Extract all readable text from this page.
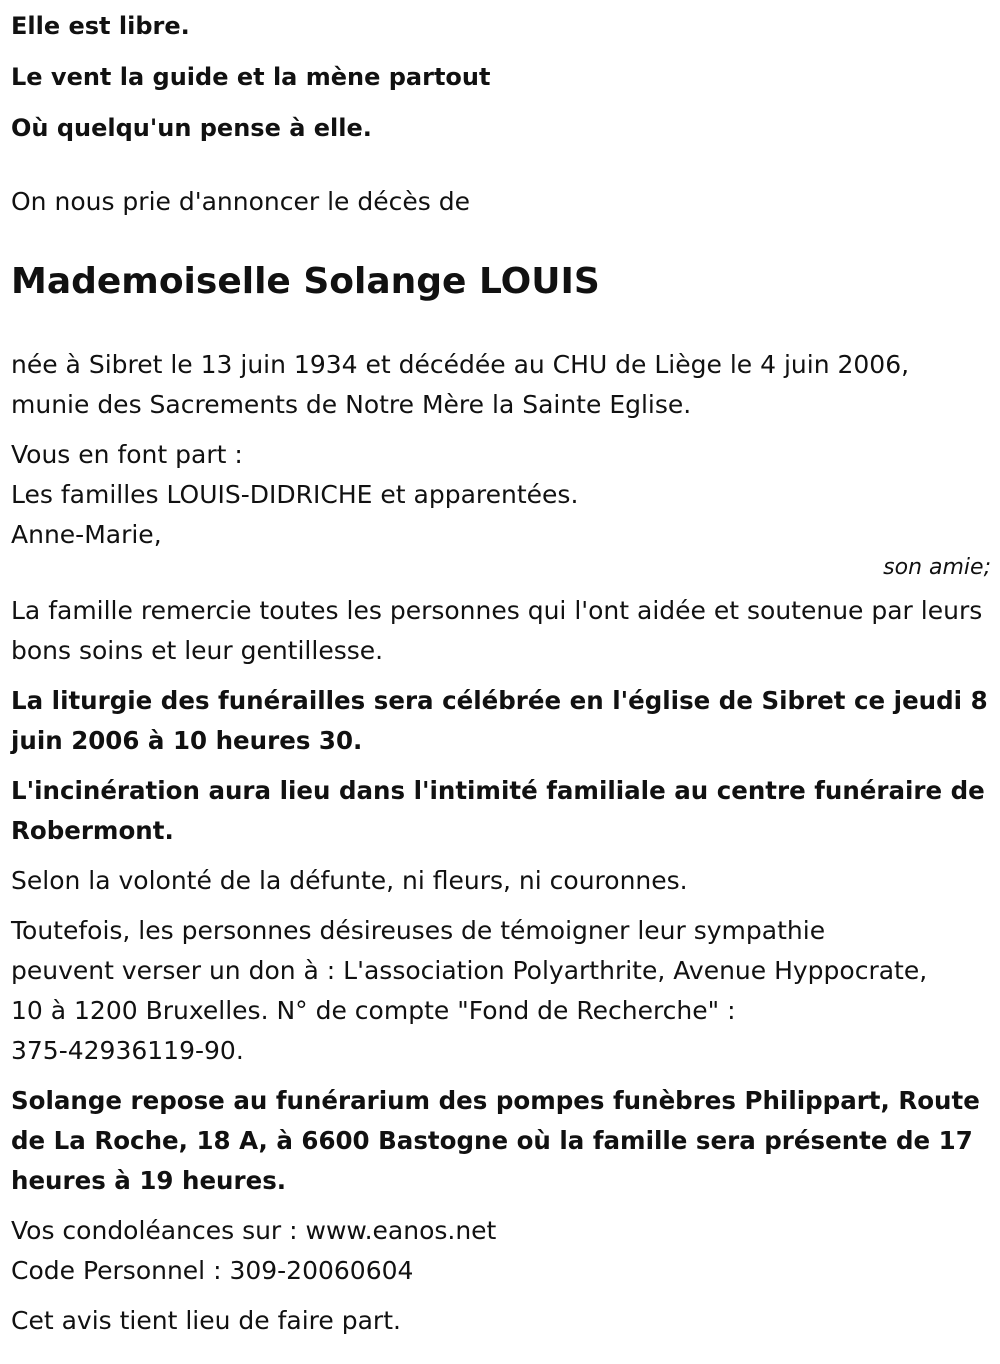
Elle est libre.

Le vent la guide et la mène partout

Où quelqu'un pense à elle.

On nous prie d'annoncer le décès de

Mademoiselle Solange LOUIS

née à Sibret le 13 juin 1934 et décédée au CHU de Liège le 4 juin 2006,

munie des Sacrements de Notre Mère la Sainte Eglise.

Vous en font part :

Les familles LOUIS-DIDRICHE et apparentées.

Anne-Marie,

son amie;

La famille remercie toutes les personnes qui l'ont aidée et soutenue par leurs bons soins et leur gentillesse.

La liturgie des funérailles sera célébrée en l'église de Sibret ce jeudi 8 juin 2006 à 10 heures 30.

L'incinération aura lieu dans l'intimité familiale au centre funéraire de Robermont.

Selon la volonté de la défunte, ni fleurs, ni couronnes.

Toutefois, les personnes désireuses de témoigner leur sympathie

peuvent verser un don à : L'association Polyarthrite, Avenue Hyppocrate,

10 à 1200 Bruxelles. N° de compte "Fond de Recherche" :

375-42936119-90.

Solange repose au funérarium des pompes funèbres Philippart, Route de La Roche, 18 A, à 6600 Bastogne où la famille sera présente de 17 heures à 19 heures.

Vos condoléances sur : www.eanos.net

Code Personnel : 309-20060604

Cet avis tient lieu de faire part.
